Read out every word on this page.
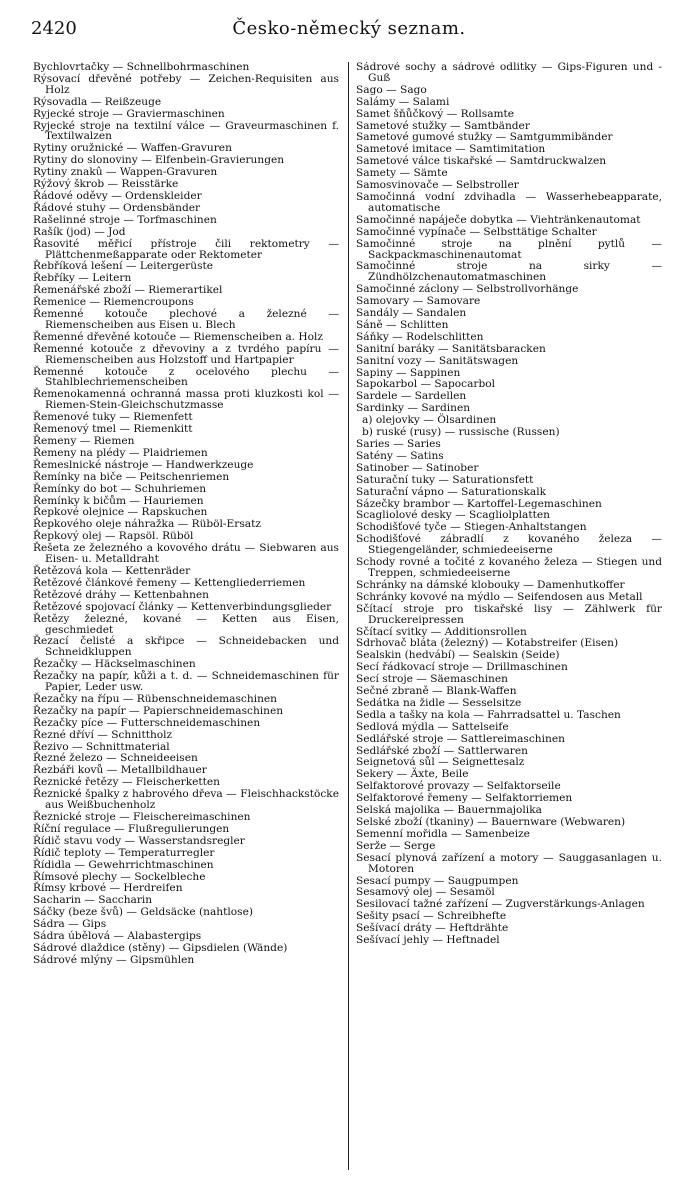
2420	Česko-německý seznam.
Bychlovrtačky — Schnellbohrmaschinen
Rýsovací dřevěné potřeby — Zeichen-Requisiten aus Holz
Rýsovadla — Reißzeuge
Ryjecké stroje — Graviermaschinen
Ryjecké stroje na textilní válce — Graveurmaschinen f. Textilwalzen
Rytiny oružnické — Waffen-Gravuren
Rytiny do slonoviny — Elfenbein-Gravierungen
Rytiny znakû — Wappen-Gravuren
Rýžový škrob — Reisstärke
Řádové oděvy — Ordenskleider
Řádové stuhy — Ordensbänder
Rašelinné stroje — Torfmaschinen
Rašík (jod) — Jod
Řasovité měřicí přístroje čili rektometry — Plättchenmeßapparate oder Rektometer
Řebříková lešení — Leitergerüste
Řebříky — Leitern
Řemenářské zboží — Riemerartikel
Řemenice — Riemencroupons
Řemenné kotouče plechové a železné — Riemenscheiben aus Eisen u. Blech
Řemenné dřevěné kotouče — Riemenscheiben a. Holz
Řemenné kotouče z dřevoviny a z tvrdého papíru — Riemenscheiben aus Holzstoff und Hartpapier
Řemenné kotouče z ocelového plechu — Stahlblechriemenscheiben
Řemenokamenná ochranná massa proti kluzkosti kol — Riemen-Stein-Gleichschutzmasse
Řemenové tuky — Riemenfett
Řemenový tmel — Riemenkitt
Řemeny — Riemen
Řemeny na plédy — Plaidriemen
Řemeslnické nástroje — Handwerkzeuge
Řemínky na biče — Peitschenriemen
Řemínky do bot — Schuhriemen
Řemínky k bičům — Hauriemen
Řepkové olejnice — Rapskuchen
Řepkového oleje náhražka — Rüböl-Ersatz
Řepkový olej — Rapsöl. Rüböl
Řešeta ze železného a kovového drátu — Siebwaren aus Eisen- u. Metalldraht
Řetězová kola — Kettenräder
Řetězové článkové řemeny — Kettengliederriemen
Řetězové dráhy — Kettenbahnen
Řetězové spojovací články — Kettenverbindungsglieder
Řetězy železné, kované — Ketten aus Eisen, geschmiedet
Řezací čelisté a skřipce — Schneidebacken und Schneidkluppen
Řezačky — Häckselmaschinen
Řezačky na papír, kůži a t. d. — Schneidemaschinen für Papier, Leder usw.
Řezačky na řípu — Rübenschneidemaschinen
Řezačky na papír — Papierschneidemaschinen
Řezačky píce — Futterschneidemaschinen
Řezné dříví — Schnittholz
Řezivo — Schnittmaterial
Řezné železo — Schneideeisen
Řezbáři kovů — Metallbildhauer
Řeznické řetězy — Fleischerketten
Řeznické špalky z habrového dřeva — Fleischhackstöcke aus Weißbuchenholz
Řeznické stroje — Fleischereimaschinen
Říční regulace — Flußregulierungen
Řídič stavu vody — Wasserstandsregler
Řídič teploty — Temperaturregler
Řídidla — Gewehrrichtmaschinen
Římsové plechy — Sockelbleche
Římsy krbové — Herdreifen
Sacharin — Saccharin
Sáčky (beze švů) — Geldsäcke (nahtlose)
Sádra — Gips
Sádra úbělová — Alabastergips
Sádrové dlaždice (stěny) — Gipsdielen (Wände)
Sádrové mlýny — Gipsmühlen
Sádrové sochy a sádrové odlitky — Gips-Figuren und -Guß
Sago — Sago
Salámy — Salami
Samet šňůčkový — Rollsamte
Sametové stužky — Samtbänder
Sametové gumové stužky — Samtgummibänder
Sametové imitace — Samtimitation
Sametové válce tiskařské — Samtdruckwalzen
Samety — Sämte
Samosvinovače — Selbstroller
Samočinná vodní zdvihadla — Wasserhebeapparate, automatische
Samočinné napáječe dobytka — Viehtränkenautomat
Samočinné vypínače — Selbsttätige Schalter
Samočinné stroje na plnění pytlů — Sackpackmaschinenautomat
Samočinné stroje na sirky — Zündhölzchenautomatmaschinen
Samočinné záclony — Selbstrollvorhänge
Samovary — Samovare
Sandály — Sandalen
Sáně — Schlitten
Sáňky — Rodelschlitten
Sanitní baráky — Sanitätsbaracken
Sanitní vozy — Sanitätswagen
Sapiny — Sappinen
Sapokarbol — Sapocarbol
Sardele — Sardellen
Sardinky — Sardinen
a) olejovky — Ölsardinen
b) ruské (rusy) — russische (Russen)
Saries — Saries
Satény — Satins
Satinober — Satinober
Saturační tuky — Saturationsfett
Saturační vápno — Saturationskalk
Sázečky brambor — Kartoffel-Legemaschinen
Scagliolové desky — Scagliolplatten
Schodišťové tyče — Stiegen-Anhaltstangen
Schodišťové zábradlí z kovaného železa — Stiegengeländer, schmiedeeiserne
Schody rovné a točité z kovaného železa — Stiegen und Treppen, schmiedeeiserne
Schránky na dámské klobouky — Damenhutkoffer
Schránky kovové na mýdlo — Seifendosen aus Metall
Sčítací stroje pro tiskařské lisy — Zählwerk für Druckereipressen
Sčítací svitky — Additionsrollen
Sdrhovač bláta (železný) — Kotabstreifer (Eisen)
Sealskin (hedvábí) — Sealskin (Seide)
Secí řádkovací stroje — Drillmaschinen
Secí stroje — Säemaschinen
Sečné zbraně — Blank-Waffen
Sedátka na židle — Sesselsitze
Sedla a tašky na kola — Fahrradsattel u. Taschen
Sedlová mýdla — Sattelseife
Sedlářské stroje — Sattlereimaschinen
Sedlářské zboží — Sattlerwaren
Seignetová sůl — Seignettesalz
Sekery — Äxte, Beile
Selfaktorové provazy — Selfaktorseile
Selfaktorové řemeny — Selfaktorriemen
Selská majolika — Bauernmajolika
Selské zboží (tkaniny) — Bauernware (Webwaren)
Semenní mořidla — Samenbeize
Serže — Serge
Sesací plynová zařízení a motory — Sauggasanlagen u. Motoren
Sesací pumpy — Saugpumpen
Sesamový olej — Sesamöl
Sesilovací tažné zařízení — Zugverstärkungs-Anlagen
Sešity psací — Schreibhefte
Sešívací dráty — Heftdrähte
Sešívací jehly — Heftnadel
